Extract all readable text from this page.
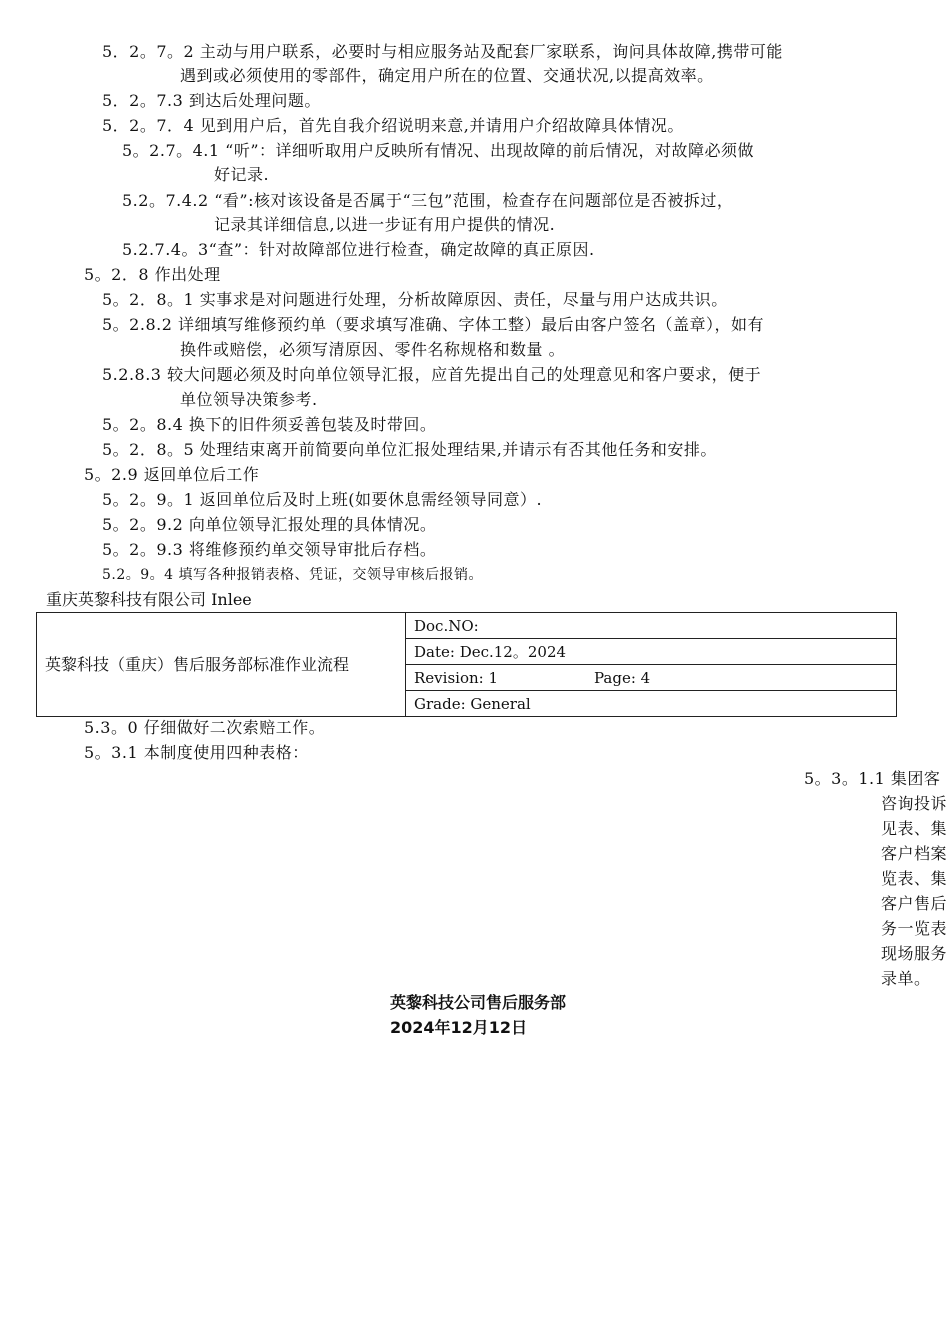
5．2。7。2 主动与用户联系，必要时与相应服务站及配套厂家联系，询问具体故障,携带可能
遇到或必须使用的零部件，确定用户所在的位置、交通状况,以提高效率。
5．2。7.3 到达后处理问题。
5．2。7．4 见到用户后，首先自我介绍说明来意,并请用户介绍故障具体情况。
5。2.7。4.1 “听”：详细听取用户反映所有情况、出现故障的前后情况，对故障必须做
好记录.
5.2。7.4.2 “看”:核对该设备是否属于“三包”范围，检查存在问题部位是否被拆过，
记录其详细信息,以进一步证有用户提供的情况.
5.2.7.4。3“查”：针对故障部位进行检查，确定故障的真正原因.
5。2．8 作出处理
5。2．8。1 实事求是对问题进行处理，分析故障原因、责任，尽量与用户达成共识。
5。2.8.2 详细填写维修预约单（要求填写准确、字体工整）最后由客户签名（盖章），如有
换件或赔偿，必须写清原因、零件名称规格和数量 。
5.2.8.3 较大问题必须及时向单位领导汇报，应首先提出自己的处理意见和客户要求，便于
单位领导决策参考.
5。2。8.4 换下的旧件须妥善包装及时带回。
5。2．8。5 处理结束离开前简要向单位汇报处理结果,并请示有否其他任务和安排。
5。2.9 返回单位后工作
5。2。9。1 返回单位后及时上班(如要休息需经领导同意）.
5。2。9.2 向单位领导汇报处理的具体情况。
5。2。9.3 将维修预约单交领导审批后存档。
5.2。9。4 填写各种报销表格、凭证，交领导审核后报销。
重庆英黎科技有限公司 Inlee
英黎科技（重庆）售后服务部标准作业流程	Doc.NO:
Date: Dec.12。2024
Revision: 1	Page: 4
Grade: General
5.3。0 仔细做好二次索赔工作。
5。3.1 本制度使用四种表格：
5。3。1.1 集团客
咨询投诉
见表、集
客户档案
览表、集
客户售后
务一览表
现场服务
录单。
英黎科技公司售后服务部
2024年12月12日
